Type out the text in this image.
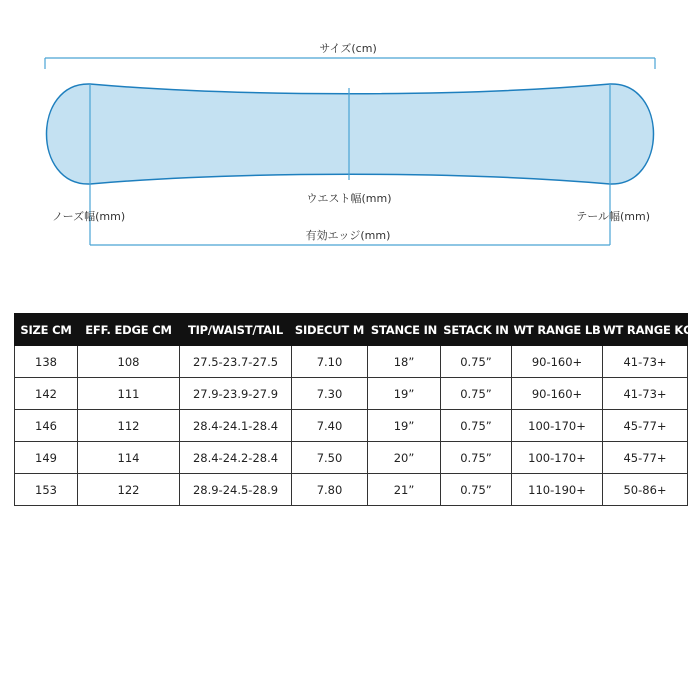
サイズ(cm)
ウエスト幅(mm)
ノーズ幅(mm)	テール幅(mm)
有効エッジ(mm)
SIZE CM	EFF. EDGE CM	TIP/WAIST/TAIL	SIDECUT M	STANCE IN	SETACK IN	WT RANGE LB	WT RANGE KG
138	108	27.5-23.7-27.5	7.10	18”	0.75”	90-160+	41-73+
142	111	27.9-23.9-27.9	7.30	19”	0.75”	90-160+	41-73+
146	112	28.4-24.1-28.4	7.40	19”	0.75”	100-170+	45-77+
149	114	28.4-24.2-28.4	7.50	20”	0.75”	100-170+	45-77+
153	122	28.9-24.5-28.9	7.80	21”	0.75”	110-190+	50-86+
